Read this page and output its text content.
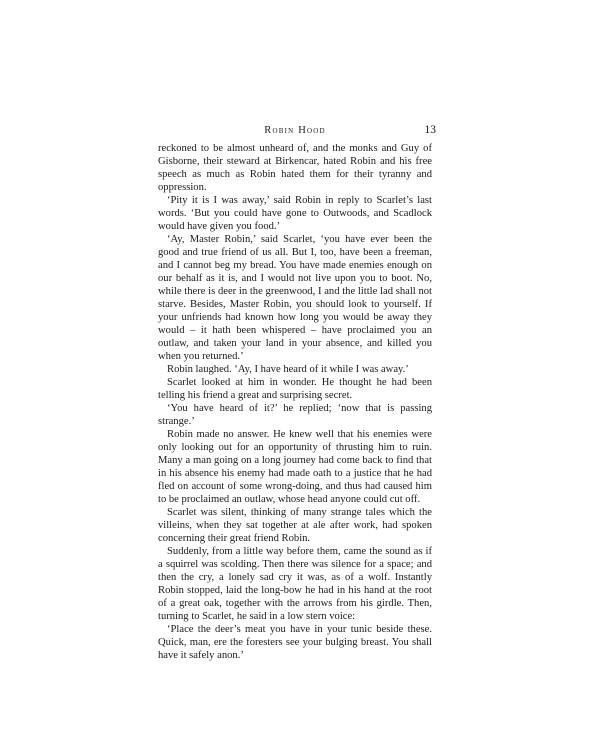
Robin Hood	13

reckoned to be almost unheard of, and the monks and Guy of Gisborne, their steward at Birkencar, hated Robin and his free speech as much as Robin hated them for their tyranny and oppression.

‘Pity it is I was away,’ said Robin in reply to Scarlet’s last words. ‘But you could have gone to Outwoods, and Scadlock would have given you food.’

‘Ay, Master Robin,’ said Scarlet, ‘you have ever been the good and true friend of us all. But I, too, have been a freeman, and I cannot beg my bread. You have made enemies enough on our behalf as it is, and I would not live upon you to boot. No, while there is deer in the greenwood, I and the little lad shall not starve. Besides, Master Robin, you should look to yourself. If your unfriends had known how long you would be away they would – it hath been whispered – have proclaimed you an outlaw, and taken your land in your absence, and killed you when you returned.’

Robin laughed. ‘Ay, I have heard of it while I was away.’

Scarlet looked at him in wonder. He thought he had been telling his friend a great and surprising secret.

‘You have heard of it?’ he replied; ‘now that is passing strange.’

Robin made no answer. He knew well that his enemies were only looking out for an opportunity of thrusting him to ruin. Many a man going on a long journey had come back to find that in his absence his enemy had made oath to a justice that he had fled on account of some wrong-doing, and thus had caused him to be proclaimed an outlaw, whose head anyone could cut off.

Scarlet was silent, thinking of many strange tales which the villeins, when they sat together at ale after work, had spoken concerning their great friend Robin.

Suddenly, from a little way before them, came the sound as if a squirrel was scolding. Then there was silence for a space; and then the cry, a lonely sad cry it was, as of a wolf. Instantly Robin stopped, laid the long-bow he had in his hand at the root of a great oak, together with the arrows from his girdle. Then, turning to Scarlet, he said in a low stern voice:

‘Place the deer’s meat you have in your tunic beside these. Quick, man, ere the foresters see your bulging breast. You shall have it safely anon.’
